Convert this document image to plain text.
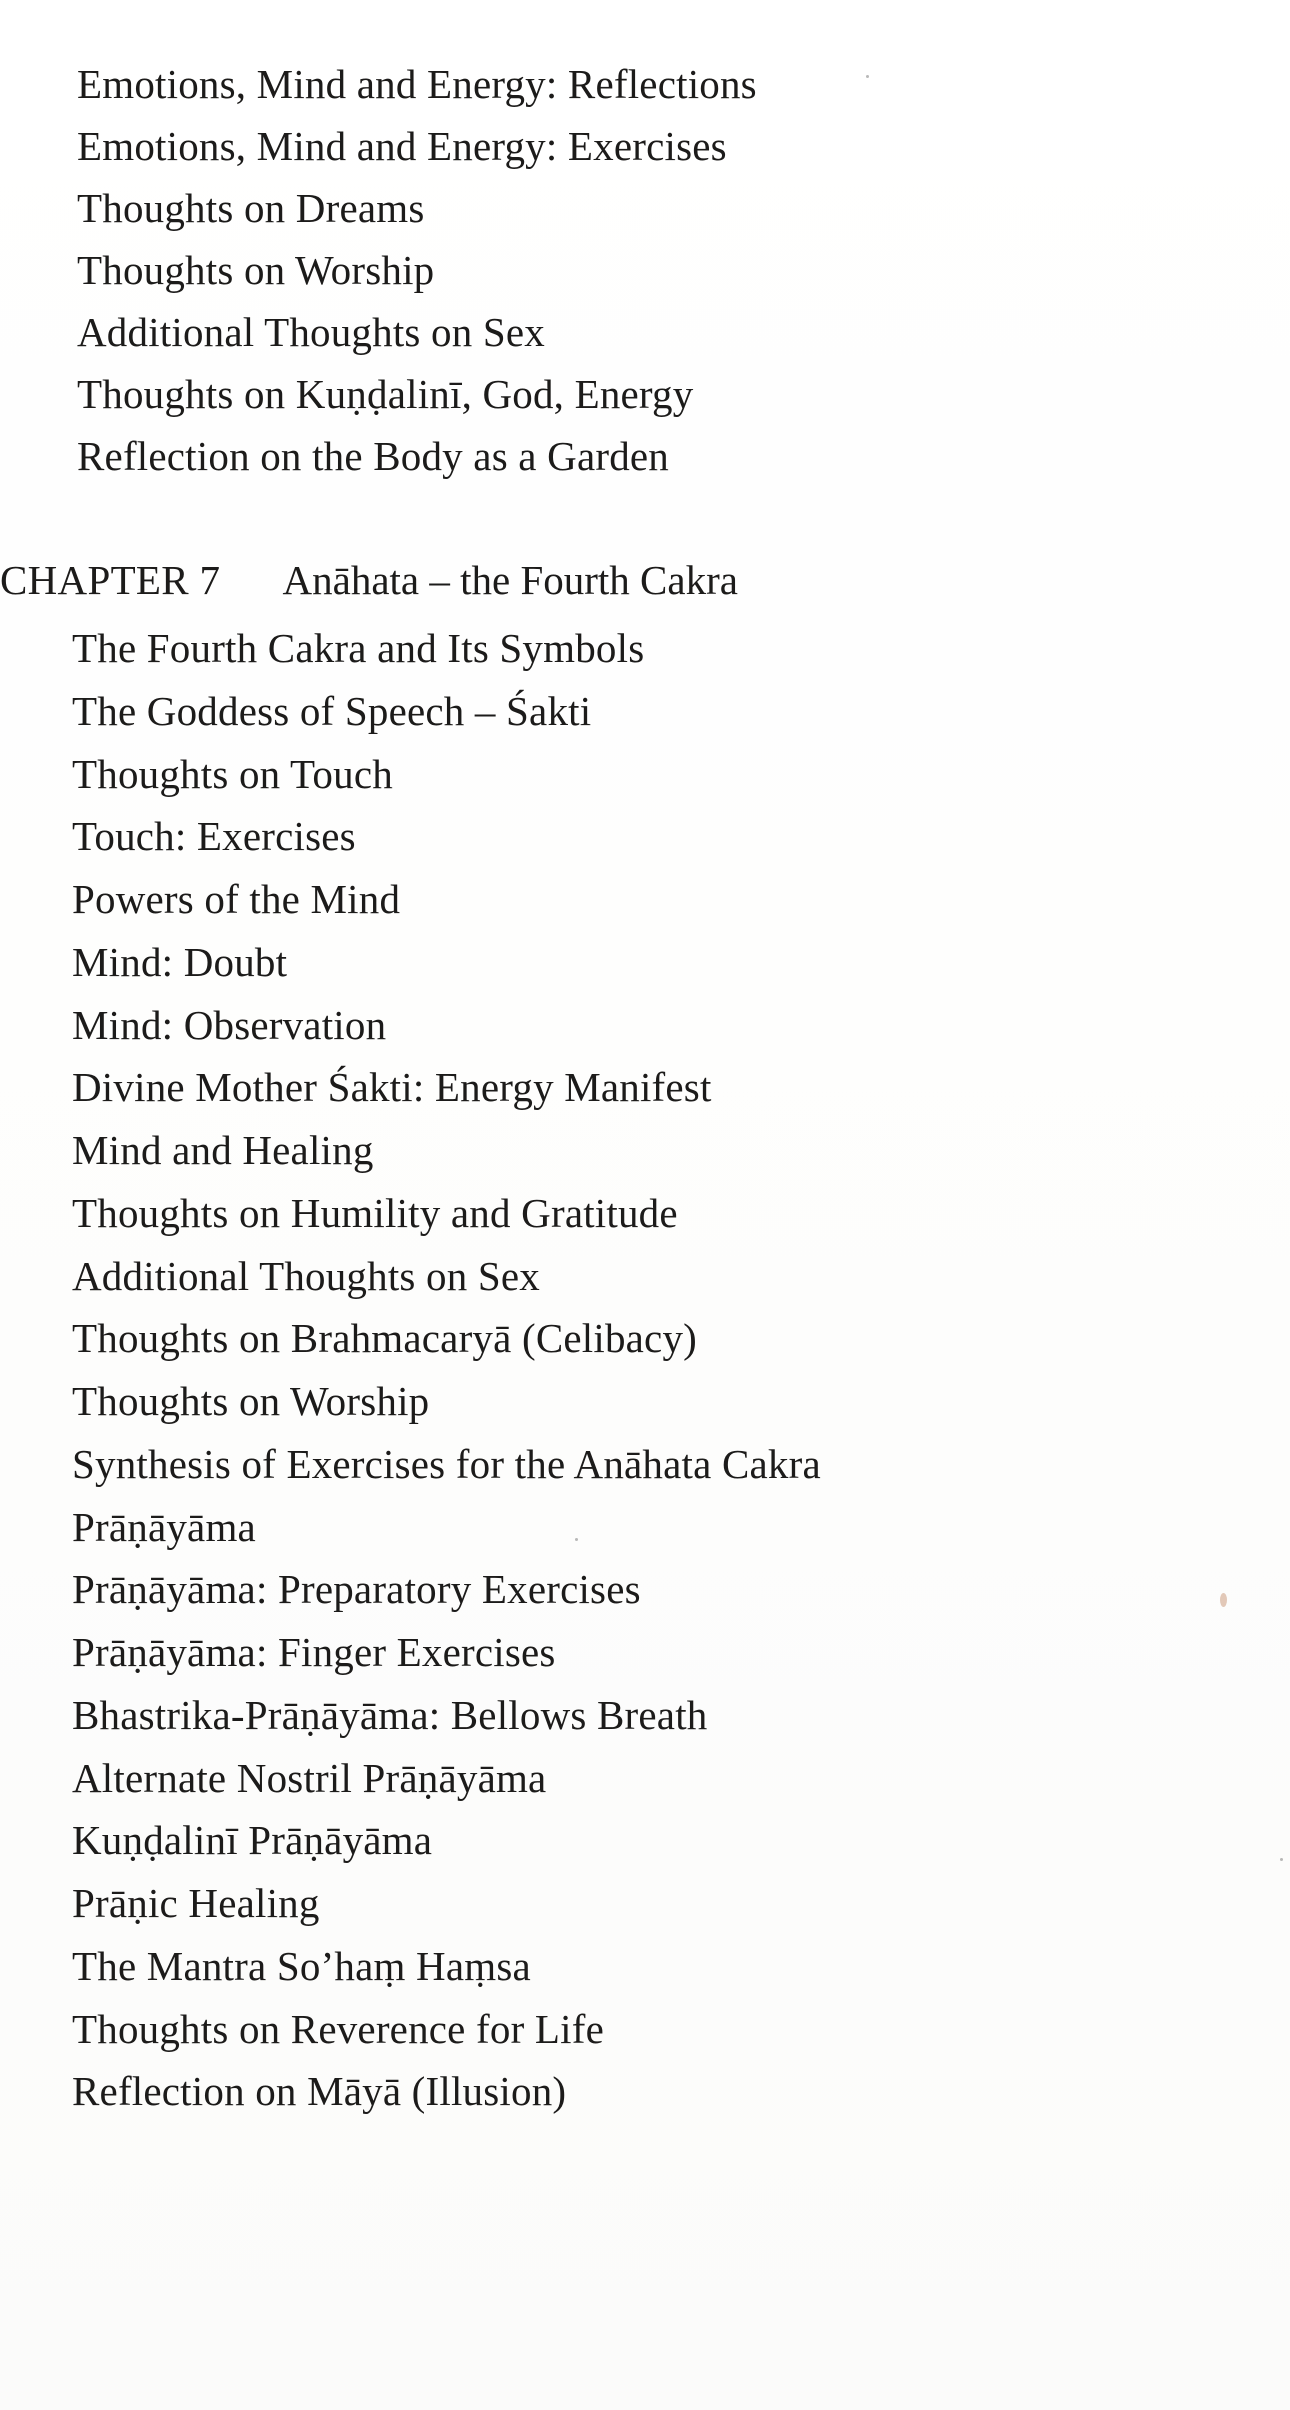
Emotions, Mind and Energy: Reflections
Emotions, Mind and Energy: Exercises
Thoughts on Dreams
Thoughts on Worship
Additional Thoughts on Sex
Thoughts on Kuṇḍalinī, God, Energy
Reflection on the Body as a Garden
CHAPTER 7 Anāhata – the Fourth Cakra
The Fourth Cakra and Its Symbols
The Goddess of Speech – Śakti
Thoughts on Touch
Touch: Exercises
Powers of the Mind
Mind: Doubt
Mind: Observation
Divine Mother Śakti: Energy Manifest
Mind and Healing
Thoughts on Humility and Gratitude
Additional Thoughts on Sex
Thoughts on Brahmacaryā (Celibacy)
Thoughts on Worship
Synthesis of Exercises for the Anāhata Cakra
Prāṇāyāma
Prāṇāyāma: Preparatory Exercises
Prāṇāyāma: Finger Exercises
Bhastrika-Prāṇāyāma: Bellows Breath
Alternate Nostril Prāṇāyāma
Kuṇḍalinī Prāṇāyāma
Prāṇic Healing
The Mantra So’haṃ Haṃsa
Thoughts on Reverence for Life
Reflection on Māyā (Illusion)
